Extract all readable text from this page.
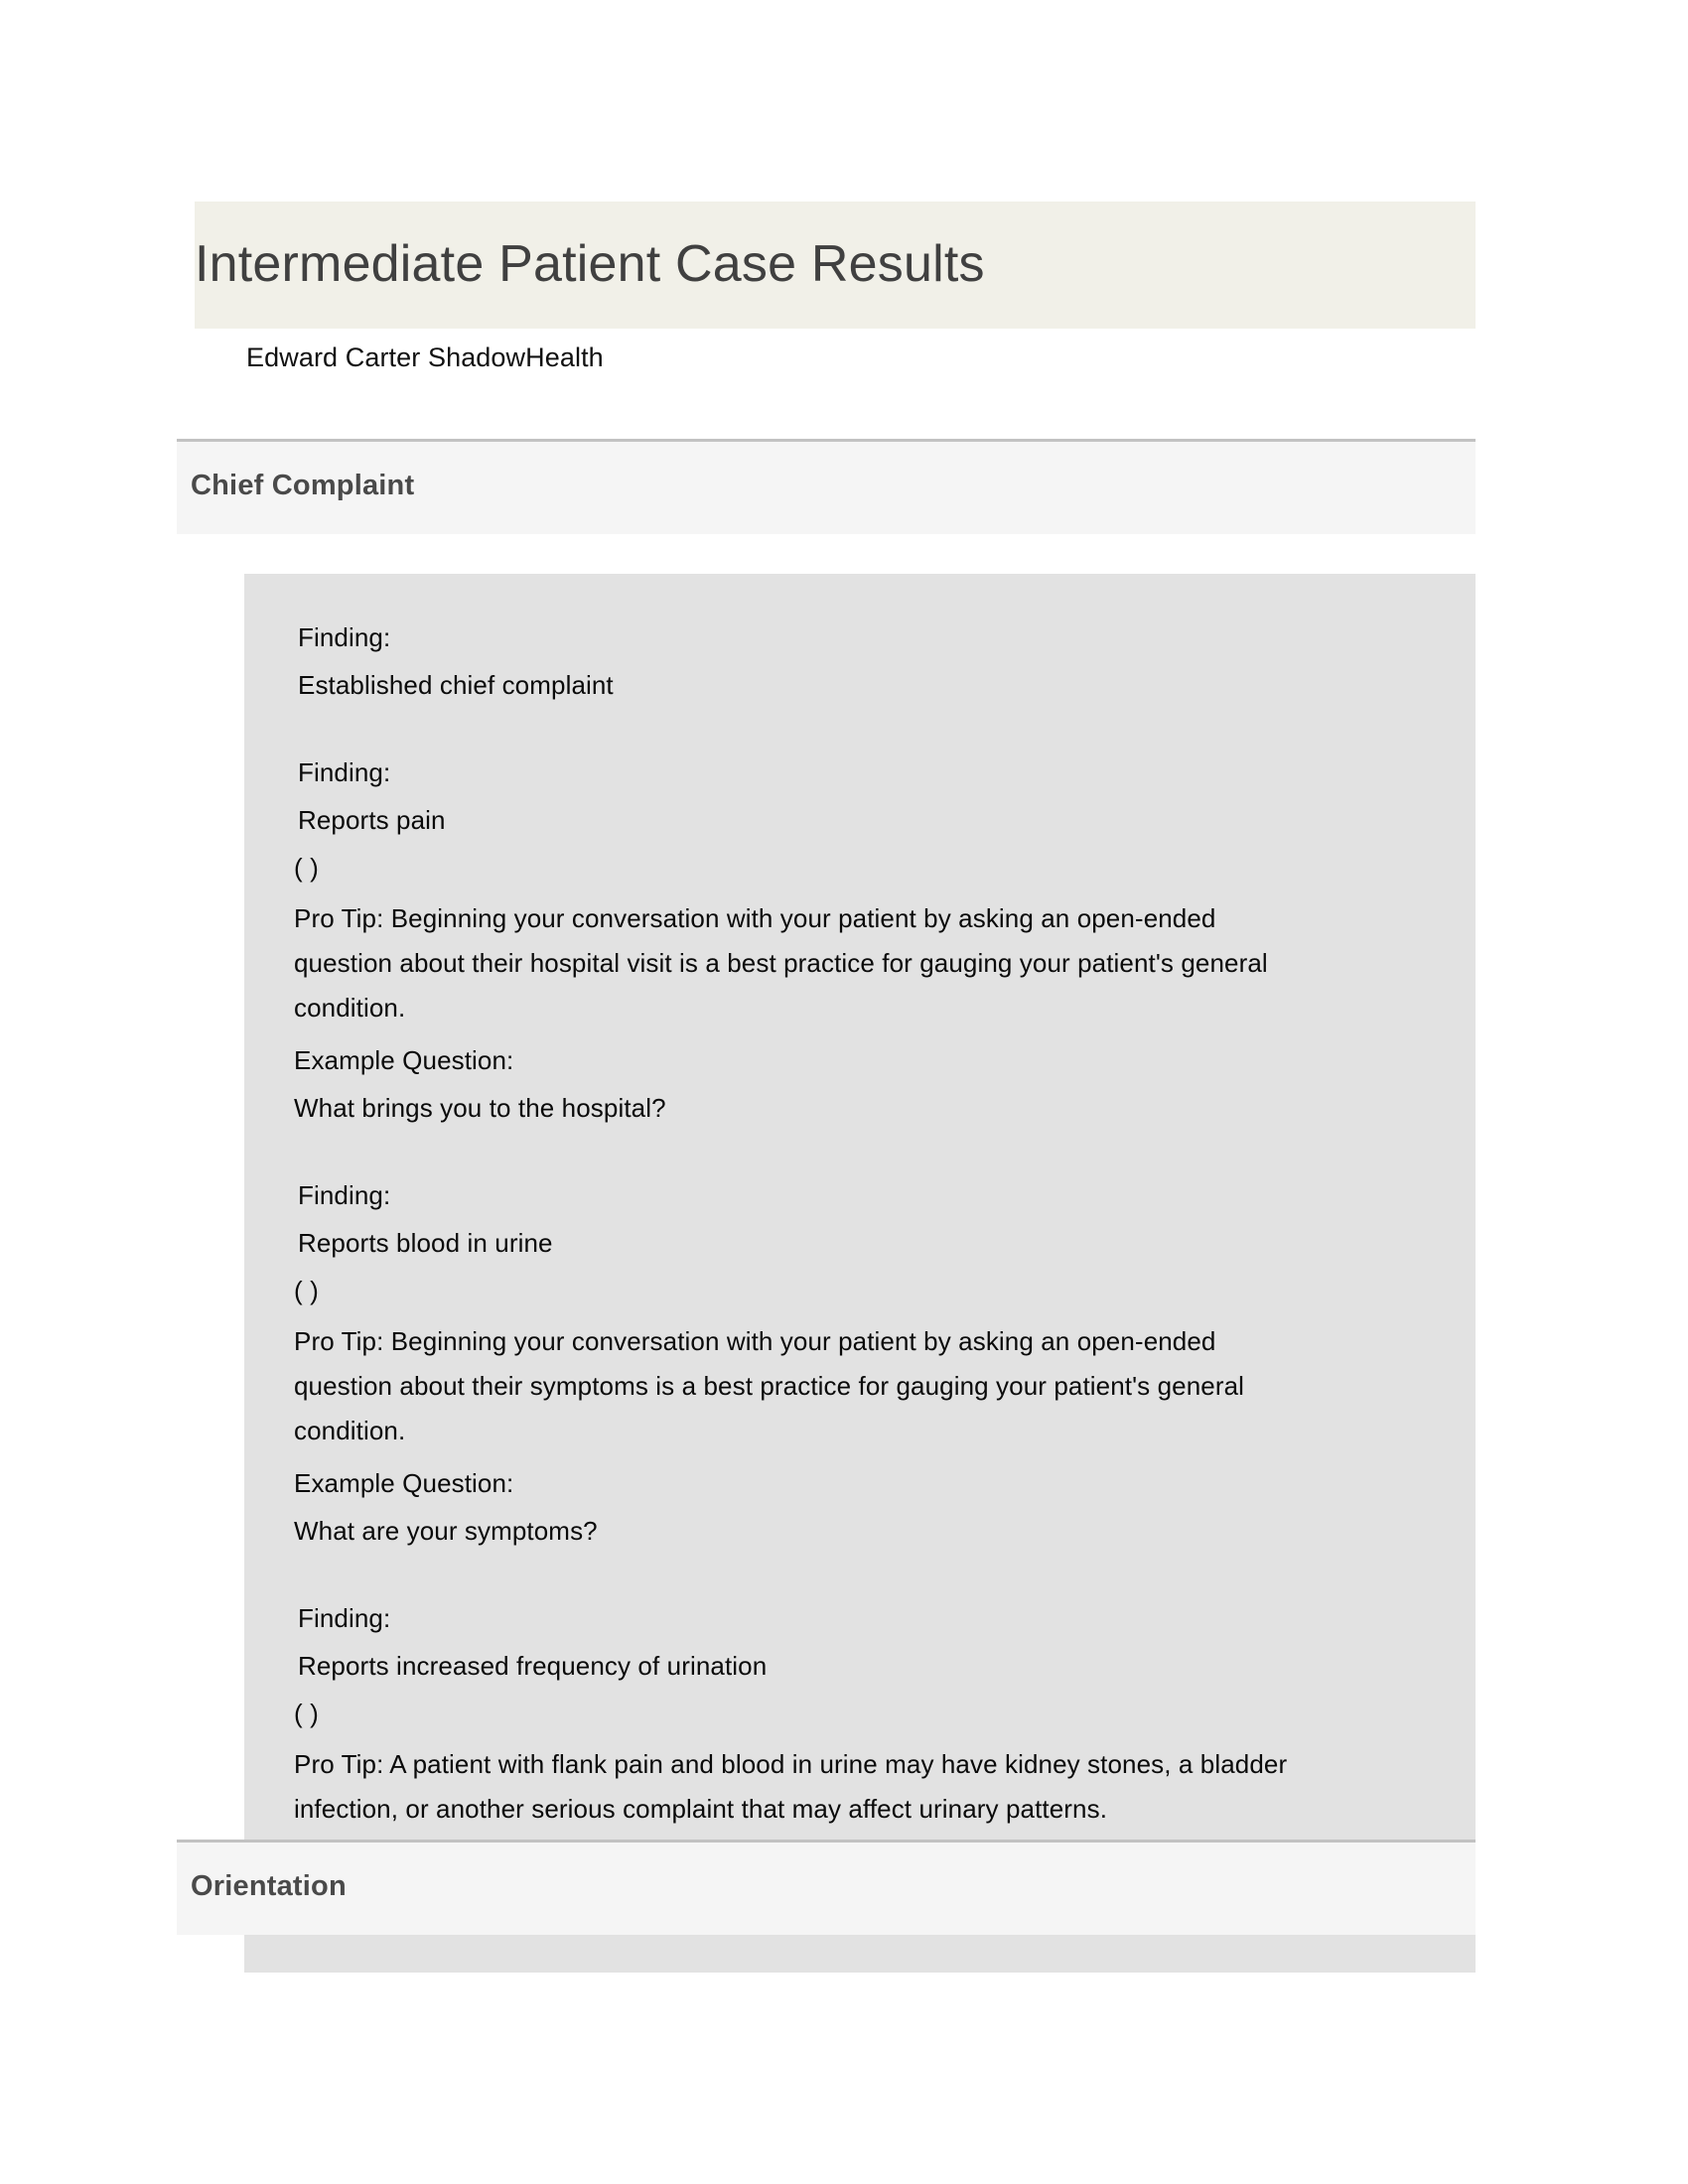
Intermediate Patient Case Results
Edward Carter ShadowHealth
Chief Complaint

Finding:
Established chief complaint

Finding:
Reports pain
( )
Pro Tip: Beginning your conversation with your patient by asking an open-ended question about their hospital visit is a best practice for gauging your patient's general condition.
Example Question:
What brings you to the hospital?

Finding:
Reports blood in urine
( )
Pro Tip: Beginning your conversation with your patient by asking an open-ended question about their symptoms is a best practice for gauging your patient's general condition.
Example Question:
What are your symptoms?

Finding:
Reports increased frequency of urination
( )
Pro Tip: A patient with flank pain and blood in urine may have kidney stones, a bladder infection, or another serious complaint that may affect urinary patterns.

Orientation
